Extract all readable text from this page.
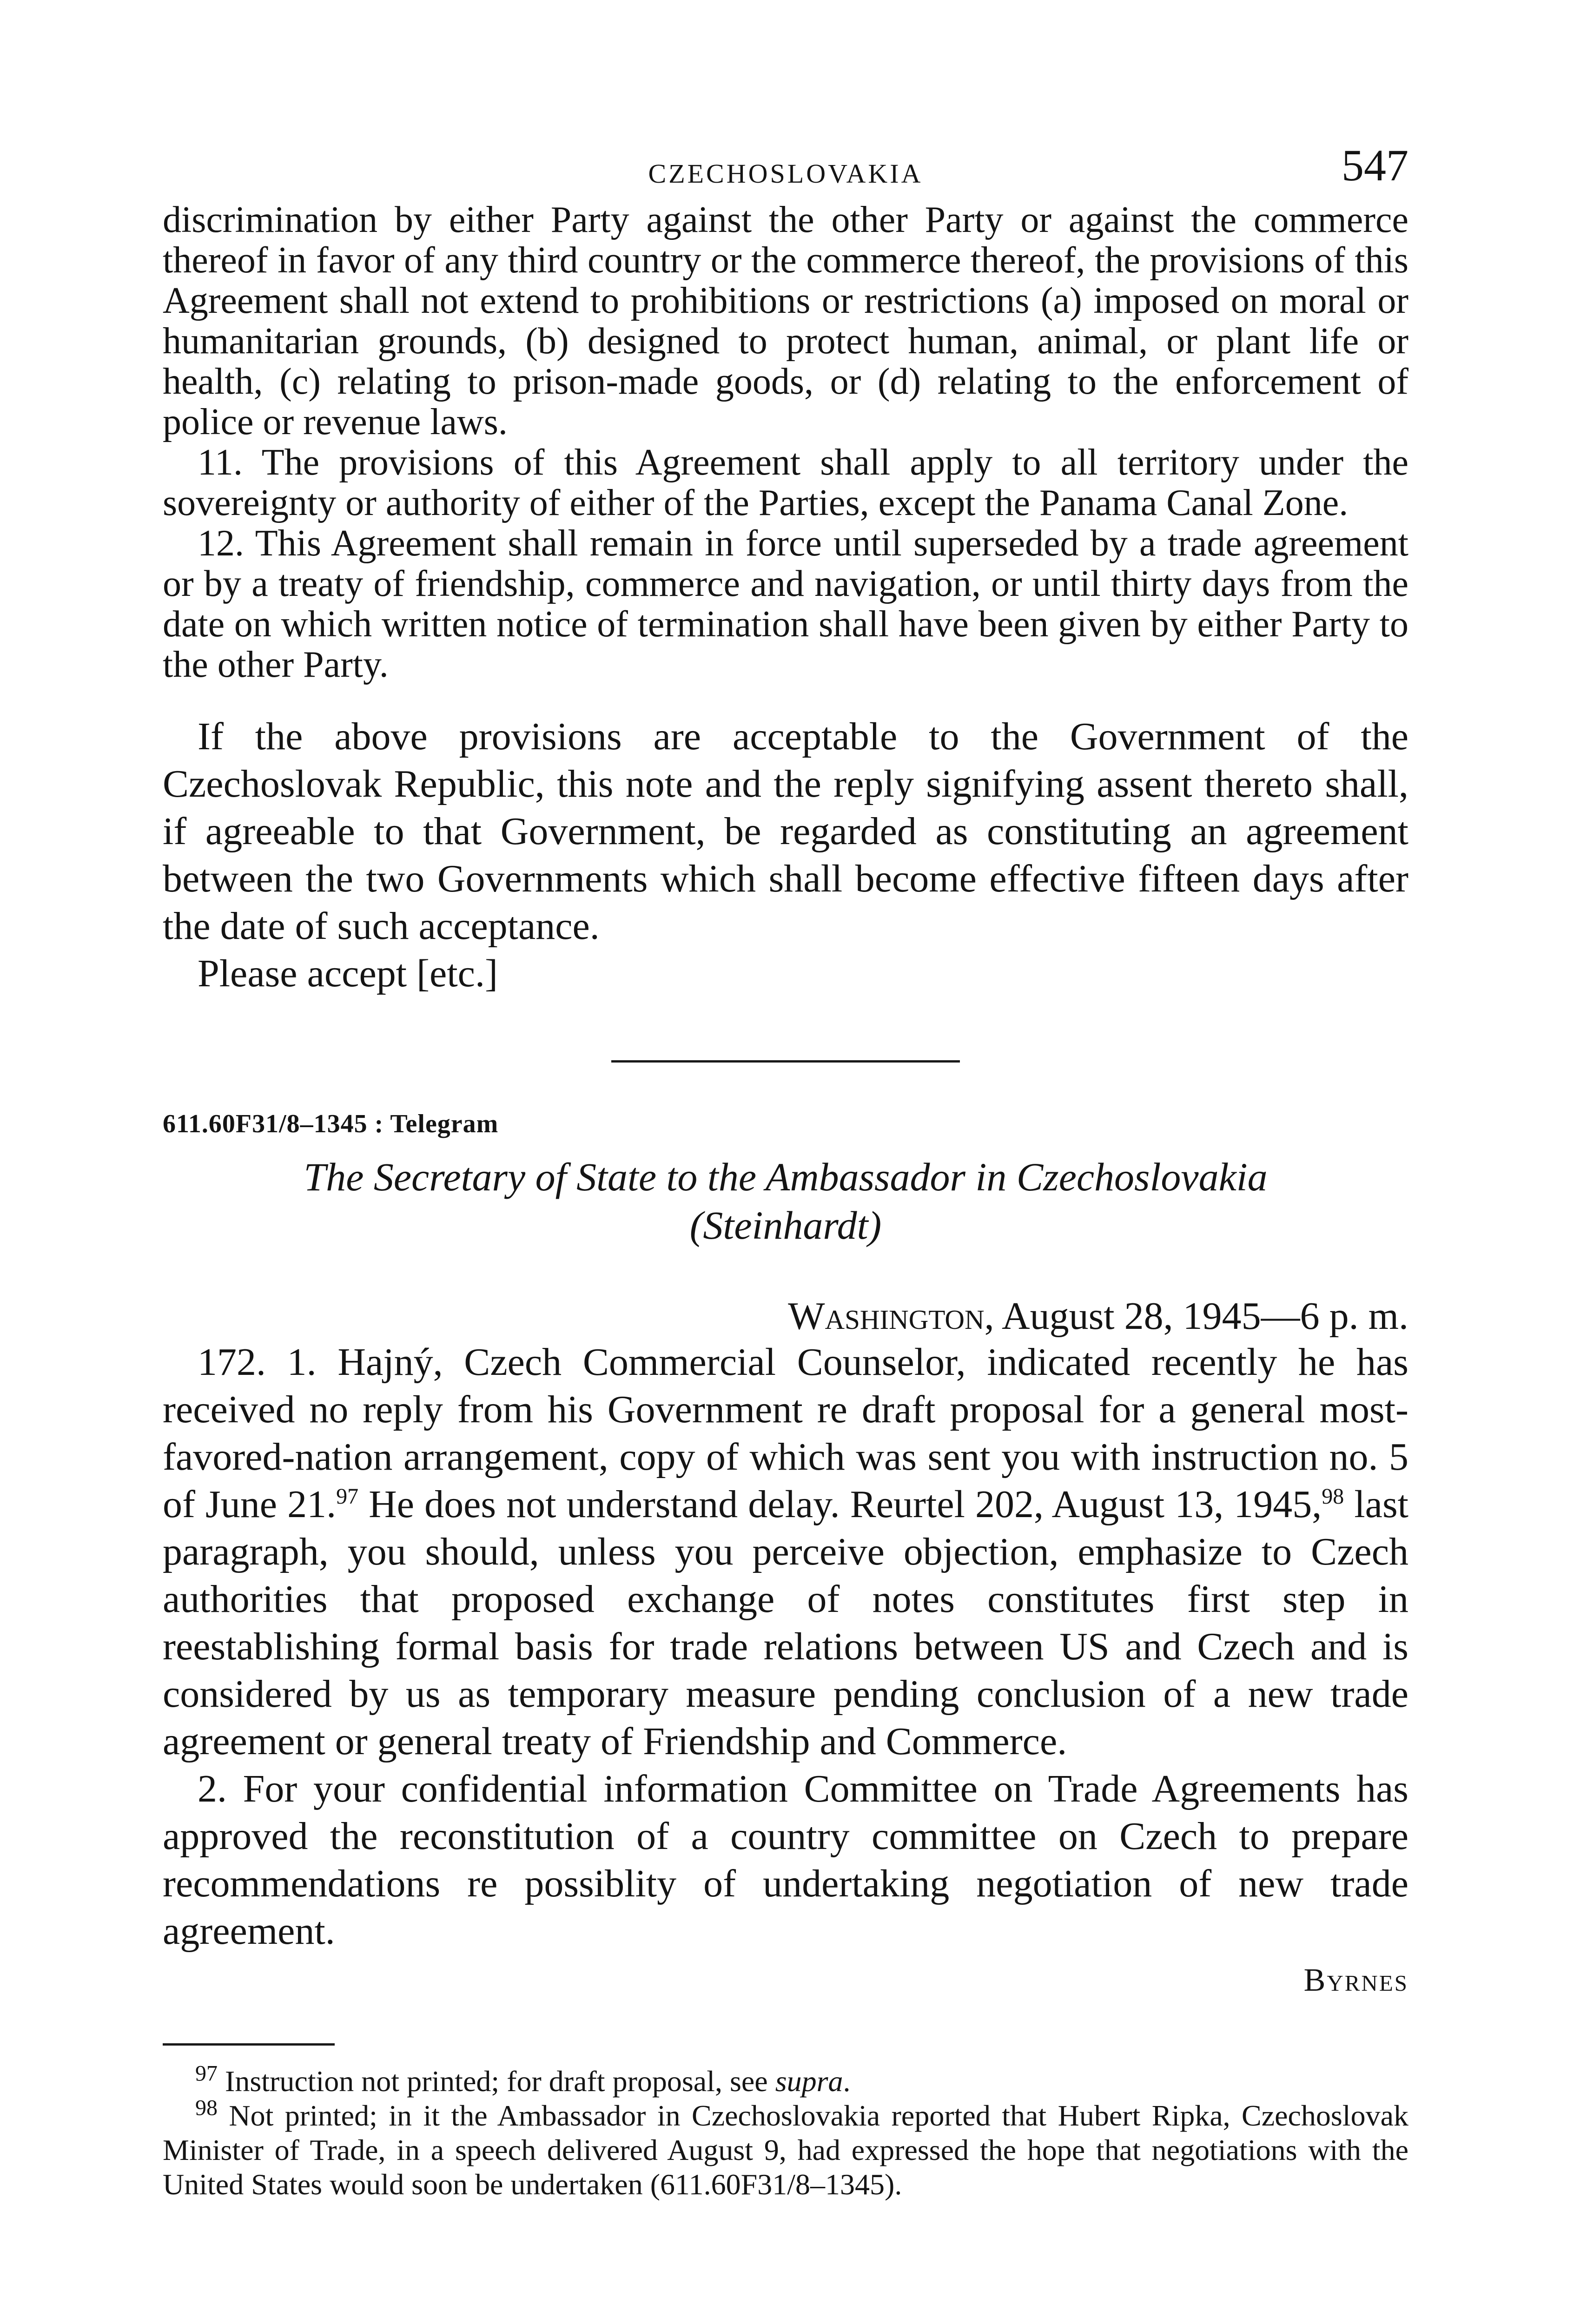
CZECHOSLOVAKIA	547

discrimination by either Party against the other Party or against the commerce thereof in favor of any third country or the commerce thereof, the provisions of this Agreement shall not extend to prohibitions or restrictions (a) imposed on moral or humanitarian grounds, (b) designed to protect human, animal, or plant life or health, (c) relating to prison-made goods, or (d) relating to the enforcement of police or revenue laws.

11. The provisions of this Agreement shall apply to all territory under the sovereignty or authority of either of the Parties, except the Panama Canal Zone.

12. This Agreement shall remain in force until superseded by a trade agreement or by a treaty of friendship, commerce and navigation, or until thirty days from the date on which written notice of termination shall have been given by either Party to the other Party.

If the above provisions are acceptable to the Government of the Czechoslovak Republic, this note and the reply signifying assent thereto shall, if agreeable to that Government, be regarded as constituting an agreement between the two Governments which shall become effective fifteen days after the date of such acceptance.

Please accept [etc.]

611.60F31/8–1345 : Telegram
The Secretary of State to the Ambassador in Czechoslovakia
(Steinhardt)

Washington, August 28, 1945—6 p. m.

172. 1. Hajný, Czech Commercial Counselor, indicated recently he has received no reply from his Government re draft proposal for a general most-favored-nation arrangement, copy of which was sent you with instruction no. 5 of June 21.97 He does not understand delay. Reurtel 202, August 13, 1945,98 last paragraph, you should, unless you perceive objection, emphasize to Czech authorities that proposed exchange of notes constitutes first step in reestablishing formal basis for trade relations between US and Czech and is considered by us as temporary measure pending conclusion of a new trade agreement or general treaty of Friendship and Commerce.

2. For your confidential information Committee on Trade Agreements has approved the reconstitution of a country committee on Czech to prepare recommendations re possiblity of undertaking negotiation of new trade agreement.

Byrnes

$^{97}$ Instruction not printed; for draft proposal, see supra.

$^{98}$ Not printed; in it the Ambassador in Czechoslovakia reported that Hubert Ripka, Czechoslovak Minister of Trade, in a speech delivered August 9, had expressed the hope that negotiations with the United States would soon be undertaken (611.60F31/8–1345).
